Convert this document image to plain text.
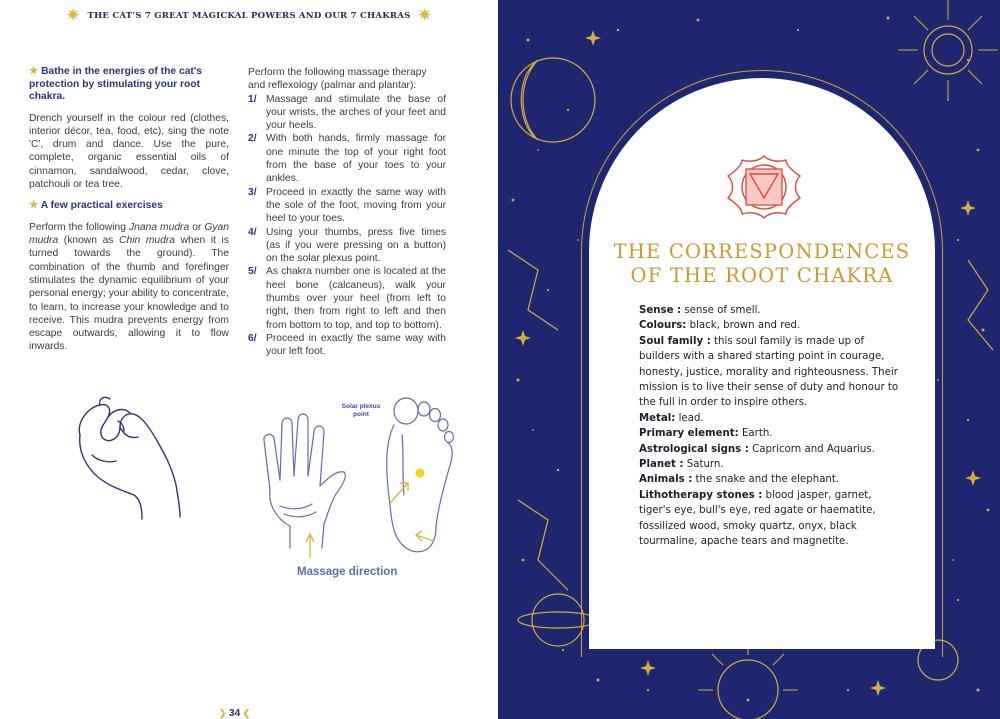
✷ THE CAT'S 7 GREAT MAGICKAL POWERS AND OUR 7 CHAKRAS ✷
★ Bathe in the energies of the cat's protection by stimulating your root chakra.

Drench yourself in the colour red (clothes, interior décor, tea, food, etc), sing the note 'C', drum and dance. Use the pure, complete, organic essential oils of cinnamon, sandalwood, cedar, clove, patchouli or tea tree.

★ A few practical exercises

Perform the following Jnana mudra or Gyan mudra (known as Chin mudra when it is turned towards the ground). The combination of the thumb and forefinger stimulates the dynamic equilibrium of your personal energy; your ability to concentrate, to learn, to increase your knowledge and to receive. This mudra prevents energy from escape outwards, allowing it to flow inwards.

Perform the following massage therapy and reflexology (palmar and plantar):

1/ Massage and stimulate the base of your wrists, the arches of your feet and your heels.
2/ With both hands, firmly massage for one minute the top of your right foot from the base of your toes to your ankles.
3/ Proceed in exactly the same way with the sole of the foot, moving from your heel to your toes.
4/ Using your thumbs, press five times (as if you were pressing on a button) on the solar plexus point.
5/ As chakra number one is located at the heel bone (calcaneus), walk your thumbs over your heel (from left to right, then from right to left and then from bottom to top, and top to bottom).
6/ Proceed in exactly the same way with your left foot.
Solar plexus point
Massage direction
❯ 34 ❮
THE CORRESPONDENCES
OF THE ROOT CHAKRA
Sense : sense of smell.
Colours: black, brown and red.
Soul family : this soul family is made up of builders with a shared starting point in courage, honesty, justice, morality and righteousness. Their mission is to live their sense of duty and honour to the full in order to inspire others.
Metal: lead.
Primary element: Earth.
Astrological signs : Capricorn and Aquarius.
Planet : Saturn.
Animals : the snake and the elephant.
Lithotherapy stones : blood jasper, garnet, tiger's eye, bull's eye, red agate or haematite, fossilized wood, smoky quartz, onyx, black tourmaline, apache tears and magnetite.
